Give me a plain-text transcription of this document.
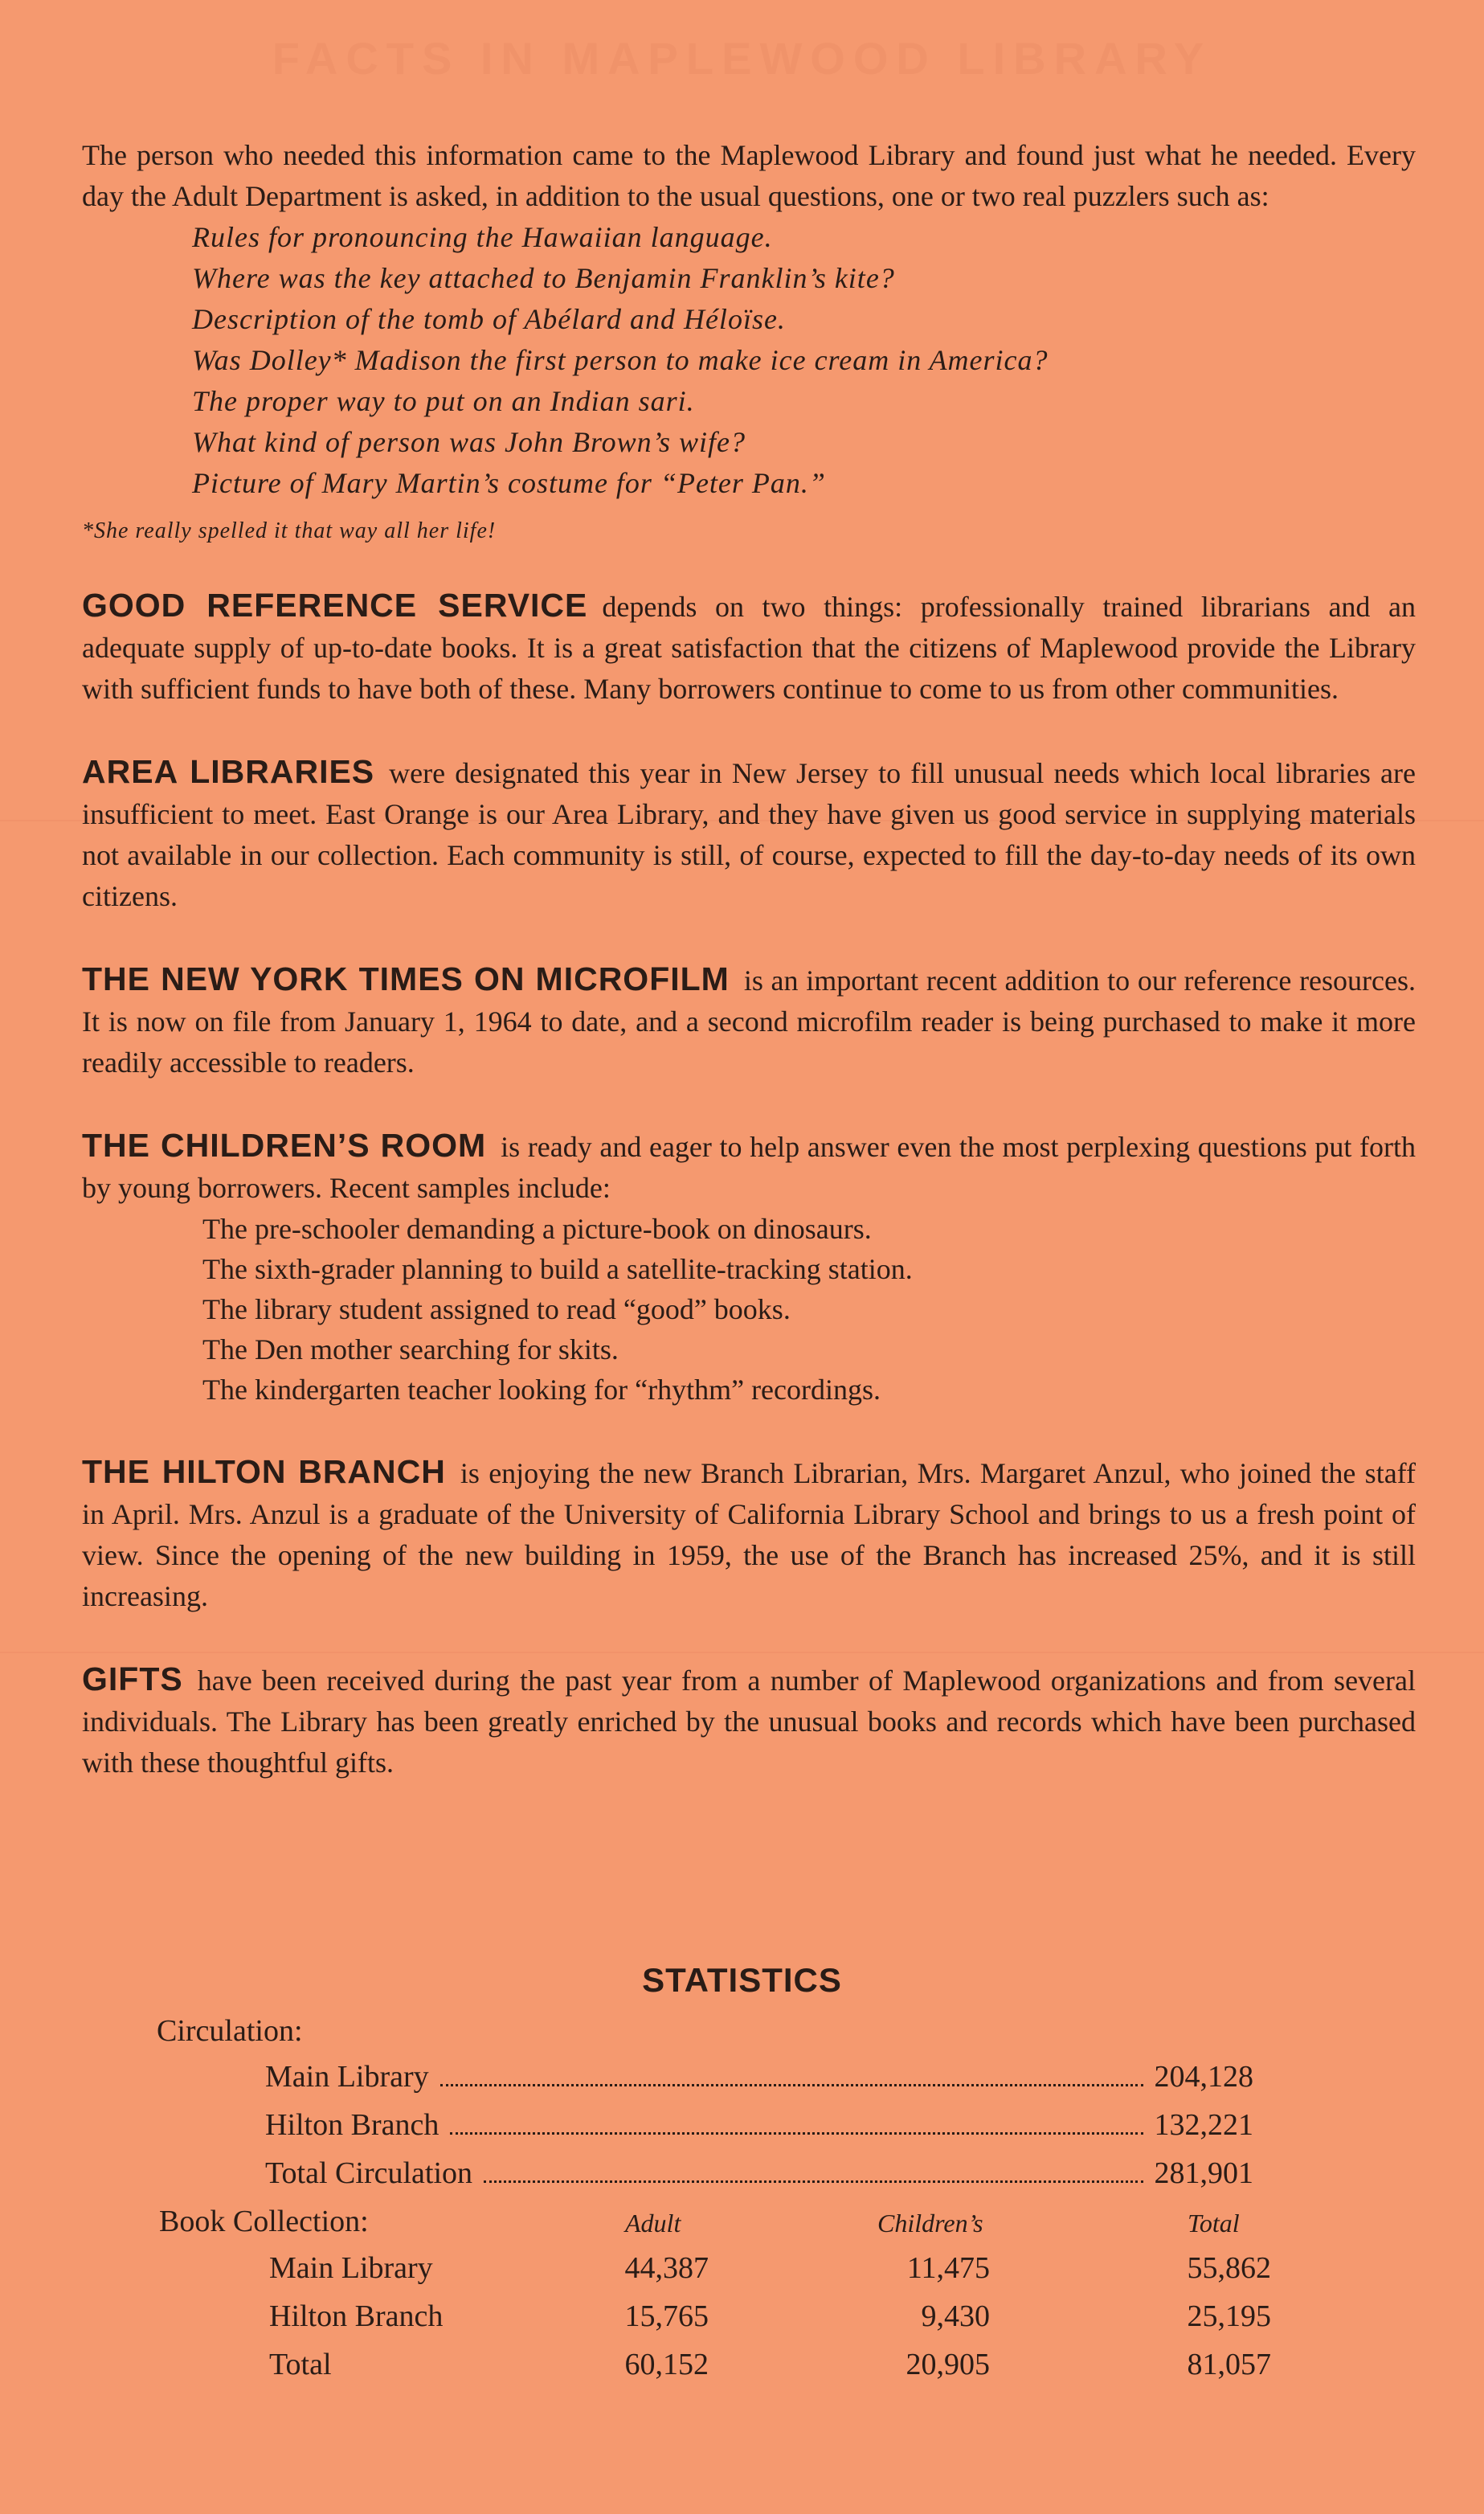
FACTS IN MAPLEWOOD LIBRARY

The person who needed this information came to the Maplewood Library and found just what he needed. Every day the Adult Department is asked, in addition to the usual questions, one or two real puzzlers such as:

Rules for pronouncing the Hawaiian language.
Where was the key attached to Benjamin Franklin’s kite?
Description of the tomb of Abélard and Héloïse.
Was Dolley* Madison the first person to make ice cream in America?
The proper way to put on an Indian sari.
What kind of person was John Brown’s wife?
Picture of Mary Martin’s costume for “Peter Pan.”

*She really spelled it that way all her life!

GOOD REFERENCE SERVICE depends on two things: professionally trained librarians and an adequate supply of up-to-date books. It is a great satisfaction that the citizens of Maplewood provide the Library with sufficient funds to have both of these. Many borrowers continue to come to us from other communities.

AREA LIBRARIES were designated this year in New Jersey to fill unusual needs which local libraries are insufficient to meet. East Orange is our Area Library, and they have given us good service in supplying materials not available in our collection. Each community is still, of course, expected to fill the day-to-day needs of its own citizens.

THE NEW YORK TIMES ON MICROFILM is an important recent addition to our reference resources. It is now on file from January 1, 1964 to date, and a second microfilm reader is being purchased to make it more readily accessible to readers.

THE CHILDREN’S ROOM is ready and eager to help answer even the most perplexing questions put forth by young borrowers. Recent samples include:

The pre-schooler demanding a picture-book on dinosaurs.
The sixth-grader planning to build a satellite-tracking station.
The library student assigned to read “good” books.
The Den mother searching for skits.
The kindergarten teacher looking for “rhythm” recordings.

THE HILTON BRANCH is enjoying the new Branch Librarian, Mrs. Margaret Anzul, who joined the staff in April. Mrs. Anzul is a graduate of the University of California Library School and brings to us a fresh point of view. Since the opening of the new building in 1959, the use of the Branch has increased 25%, and it is still increasing.

GIFTS have been received during the past year from a number of Maplewood organizations and from several individuals. The Library has been greatly enriched by the unusual books and records which have been purchased with these thoughtful gifts.

STATISTICS
Circulation:
Main Library	204,128
Hilton Branch	132,221
Total Circulation	281,901
Book Collection:	Adult	Children’s	Total
Main Library	44,387	11,475	55,862
Hilton Branch	15,765	9,430	25,195
Total	60,152	20,905	81,057
